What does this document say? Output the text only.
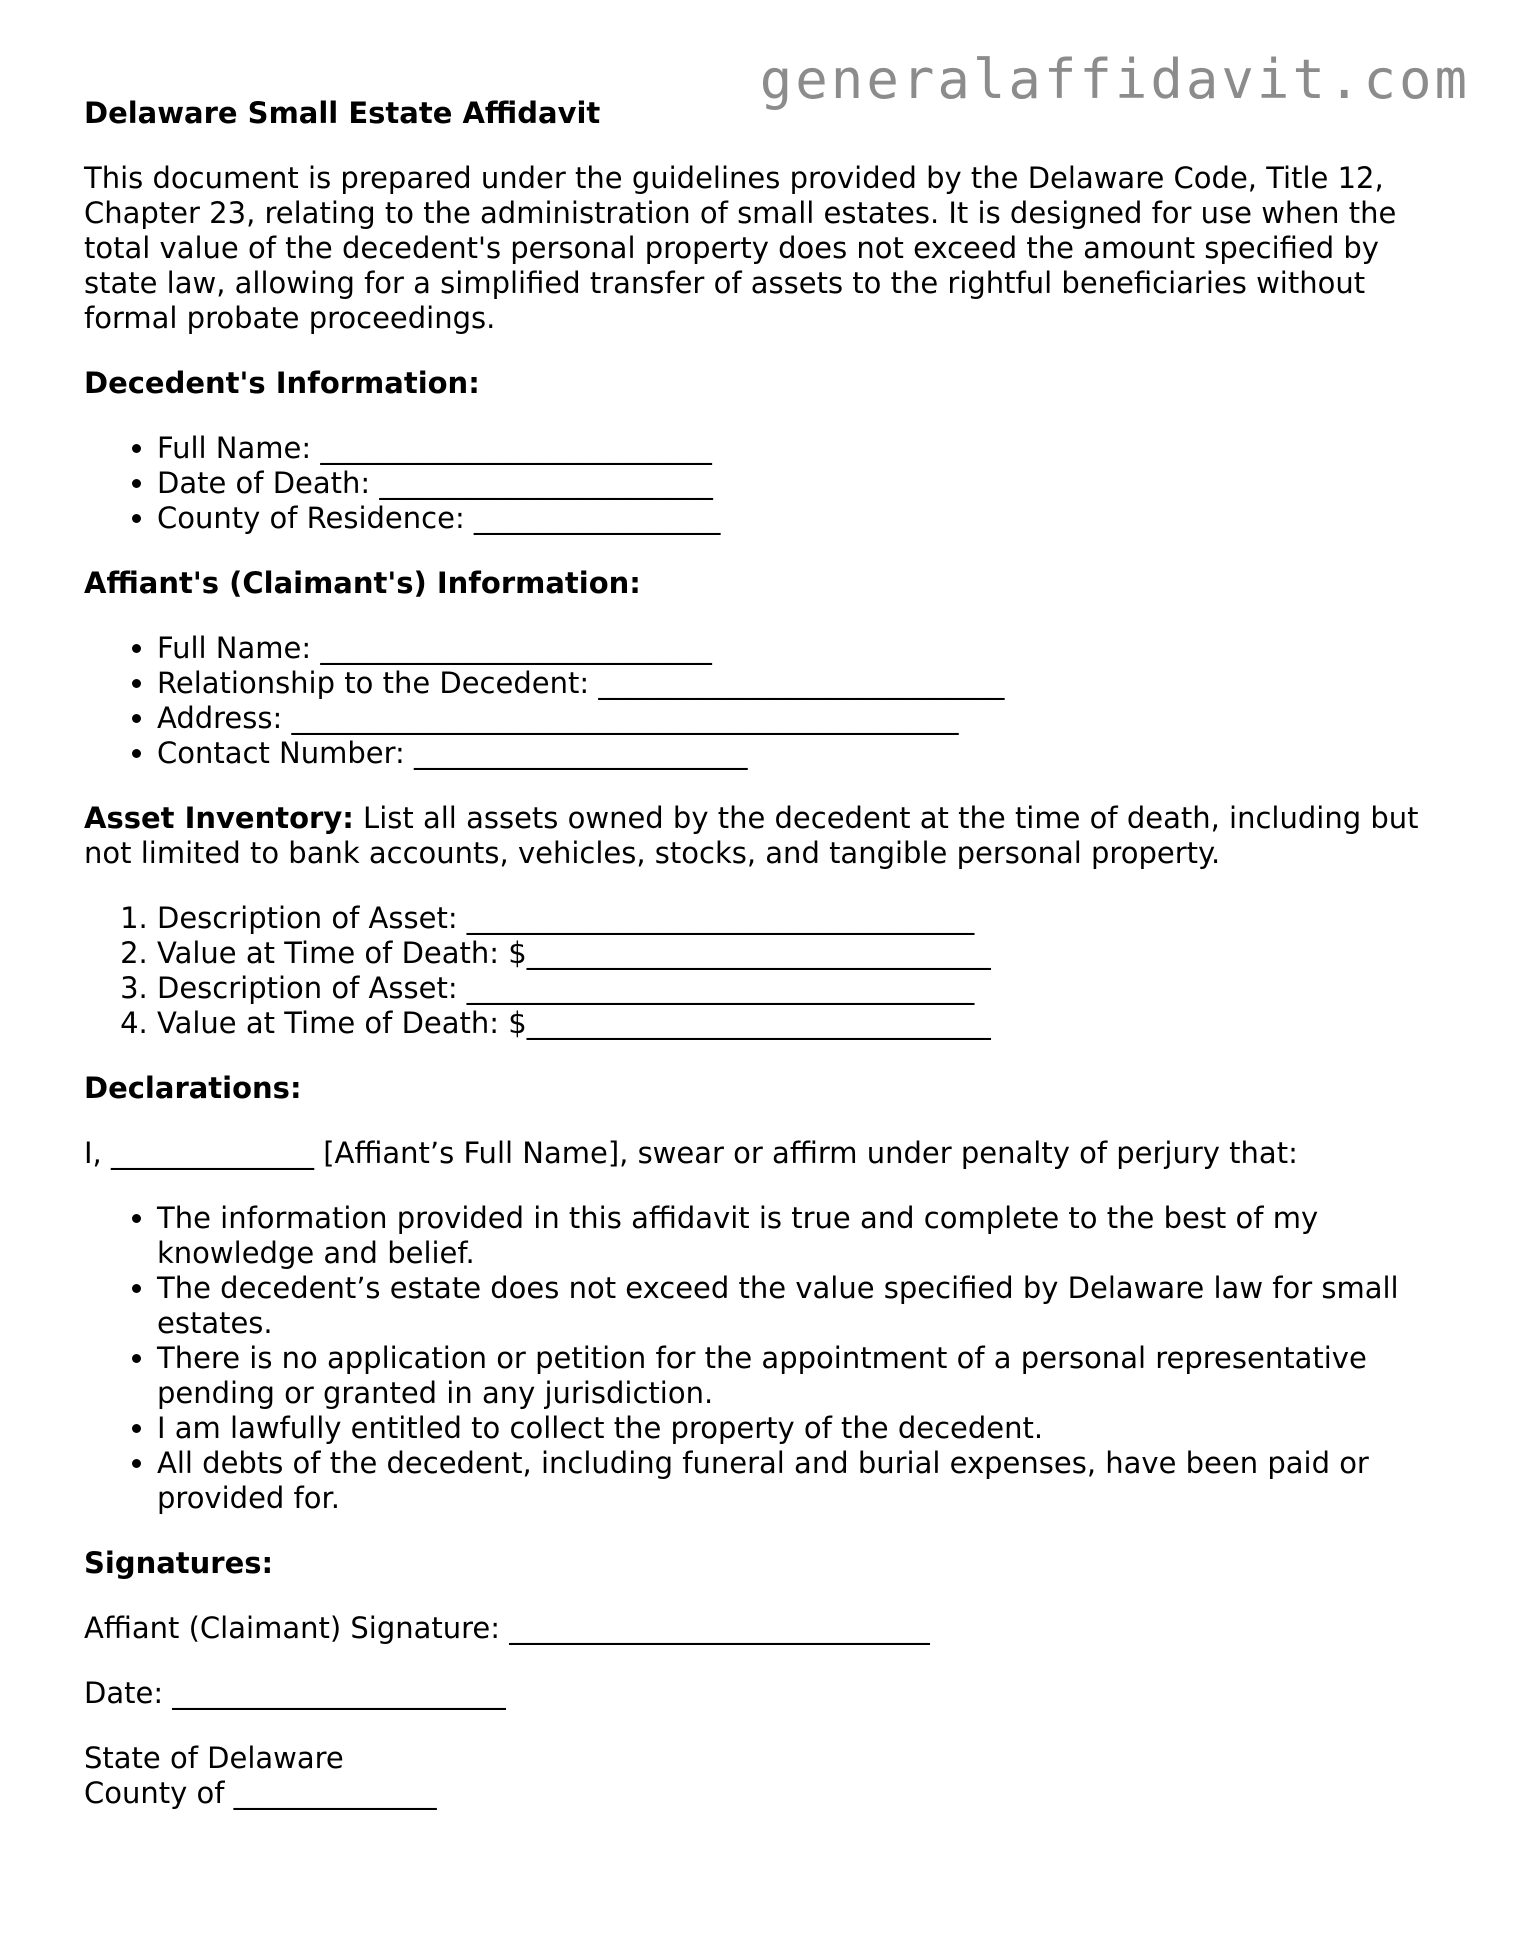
generalaffidavit.com
Delaware Small Estate Affidavit

This document is prepared under the guidelines provided by the Delaware Code, Title 12, Chapter 23, relating to the administration of small estates. It is designed for use when the total value of the decedent's personal property does not exceed the amount specified by state law, allowing for a simplified transfer of assets to the rightful beneficiaries without formal probate proceedings.

Decedent's Information:
• Full Name: ___________________________
• Date of Death: _______________________
• County of Residence: _________________
Affiant's (Claimant's) Information:
• Full Name: ___________________________
• Relationship to the Decedent: ____________________________
• Address: ______________________________________________
• Contact Number: _______________________

Asset Inventory: List all assets owned by the decedent at the time of death, including but not limited to bank accounts, vehicles, stocks, and tangible personal property.

1. Description of Asset: ___________________________________
2. Value at Time of Death: $________________________________
3. Description of Asset: ___________________________________
4. Value at Time of Death: $________________________________
Declarations:

I, ______________ [Affiant’s Full Name], swear or affirm under penalty of perjury that:

• The information provided in this affidavit is true and complete to the best of my knowledge and belief.
• The decedent’s estate does not exceed the value specified by Delaware law for small estates.
• There is no application or petition for the appointment of a personal representative pending or granted in any jurisdiction.
• I am lawfully entitled to collect the property of the decedent.
• All debts of the decedent, including funeral and burial expenses, have been paid or provided for.
Signatures:

Affiant (Claimant) Signature: _____________________________

Date: _______________________

State of Delaware
County of ______________
